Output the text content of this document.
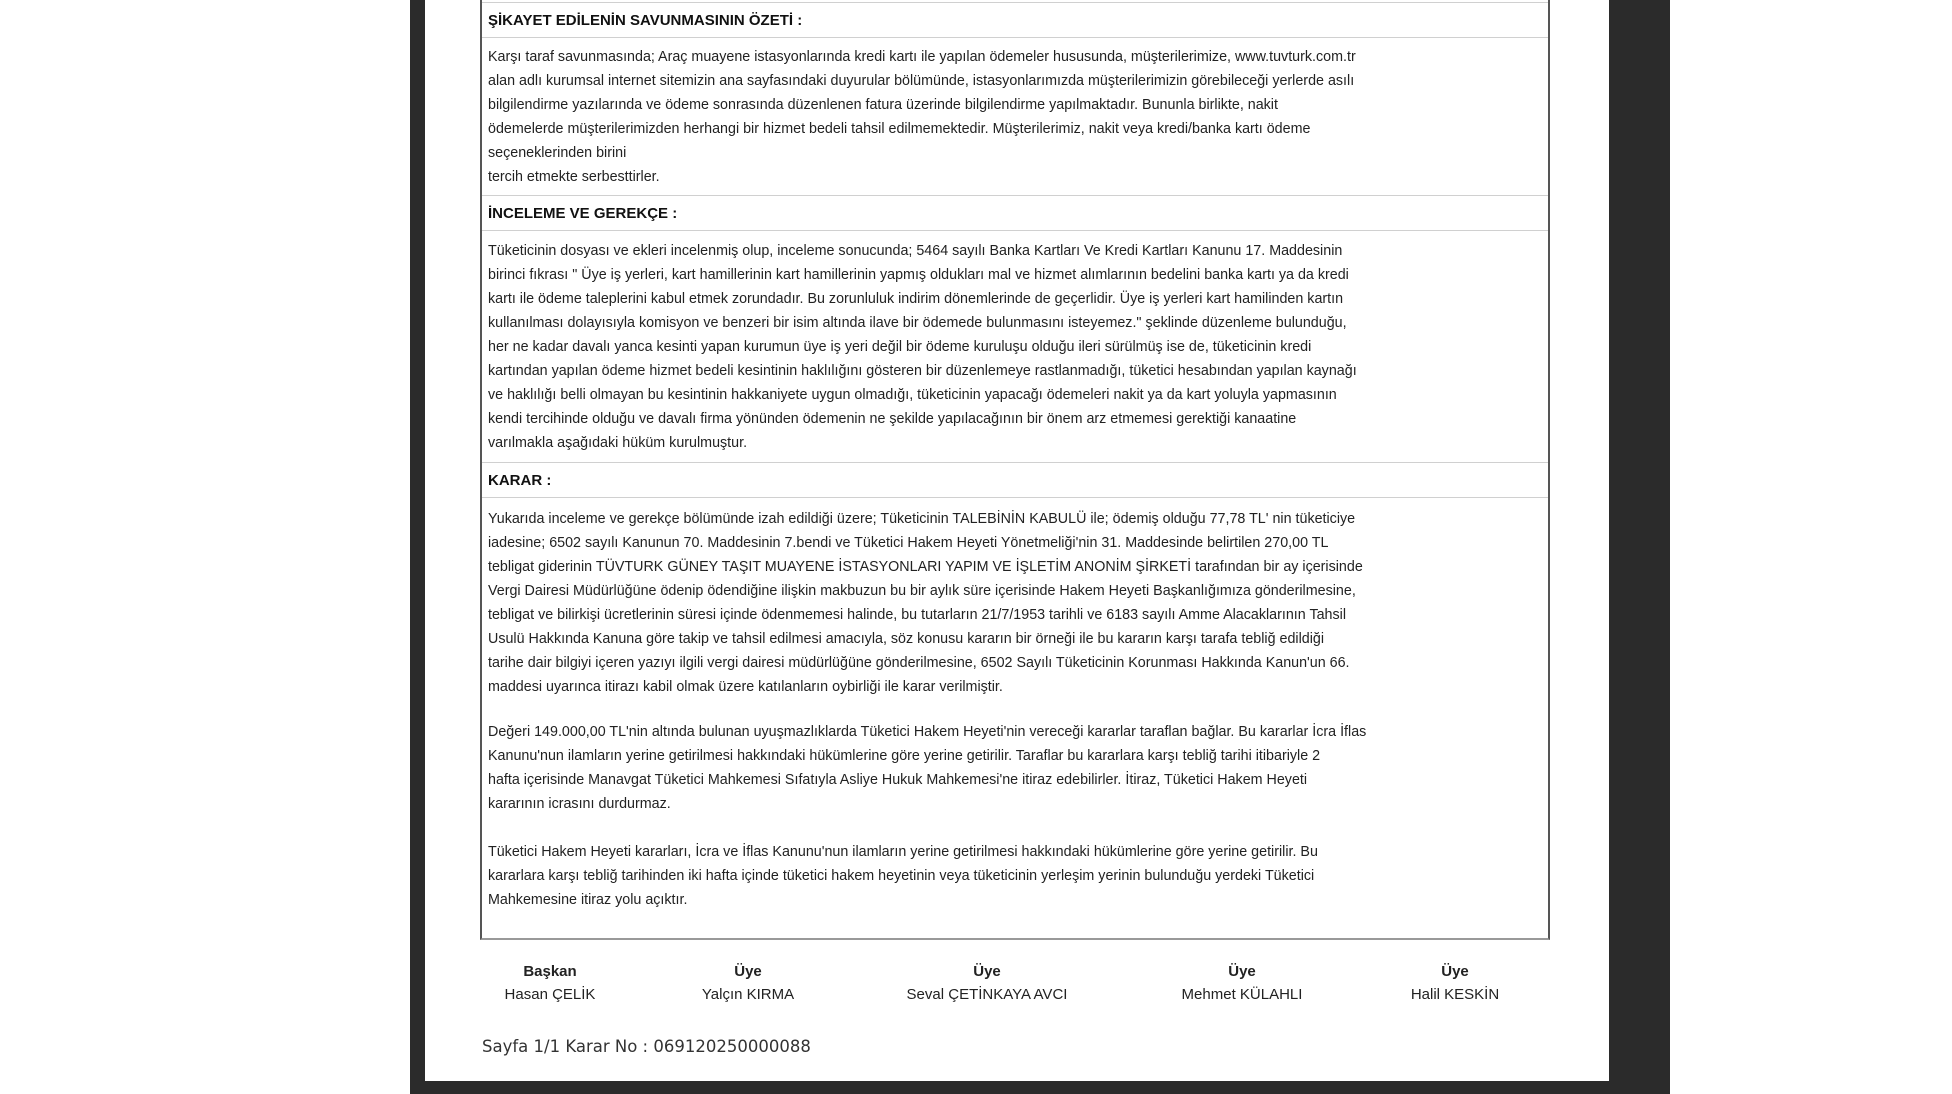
ŞİKAYET EDİLENİN SAVUNMASININ ÖZETİ :
Karşı taraf savunmasında; Araç muayene istasyonlarında kredi kartı ile yapılan ödemeler hususunda, müşterilerimize, www.tuvturk.com.tr
alan adlı kurumsal internet sitemizin ana sayfasındaki duyurular bölümünde, istasyonlarımızda müşterilerimizin görebileceği yerlerde asılı
bilgilendirme yazılarında ve ödeme sonrasında düzenlenen fatura üzerinde bilgilendirme yapılmaktadır. Bununla birlikte, nakit
ödemelerde müşterilerimizden herhangi bir hizmet bedeli tahsil edilmemektedir. Müşterilerimiz, nakit veya kredi/banka kartı ödeme
seçeneklerinden birini
tercih etmekte serbesttirler.
İNCELEME VE GEREKÇE :
Tüketicinin dosyası ve ekleri incelenmiş olup, inceleme sonucunda; 5464 sayılı Banka Kartları Ve Kredi Kartları Kanunu 17. Maddesinin
birinci fıkrası " Üye iş yerleri, kart hamillerinin kart hamillerinin yapmış oldukları mal ve hizmet alımlarının bedelini banka kartı ya da kredi
kartı ile ödeme taleplerini kabul etmek zorundadır. Bu zorunluluk indirim dönemlerinde de geçerlidir. Üye iş yerleri kart hamilinden kartın
kullanılması dolayısıyla komisyon ve benzeri bir isim altında ilave bir ödemede bulunmasını isteyemez." şeklinde düzenleme bulunduğu,
her ne kadar davalı yanca kesinti yapan kurumun üye iş yeri değil bir ödeme kuruluşu olduğu ileri sürülmüş ise de, tüketicinin kredi
kartından yapılan ödeme hizmet bedeli kesintinin haklılığını gösteren bir düzenlemeye rastlanmadığı, tüketici hesabından yapılan kaynağı
ve haklılığı belli olmayan bu kesintinin hakkaniyete uygun olmadığı, tüketicinin yapacağı ödemeleri nakit ya da kart yoluyla yapmasının
kendi tercihinde olduğu ve davalı firma yönünden ödemenin ne şekilde yapılacağının bir önem arz etmemesi gerektiği kanaatine
varılmakla aşağıdaki hüküm kurulmuştur.
KARAR :
Yukarıda inceleme ve gerekçe bölümünde izah edildiği üzere; Tüketicinin TALEBİNİN KABULÜ ile; ödemiş olduğu 77,78 TL' nin tüketiciye
iadesine; 6502 sayılı Kanunun 70. Maddesinin 7.bendi ve Tüketici Hakem Heyeti Yönetmeliği'nin 31. Maddesinde belirtilen 270,00 TL
tebligat giderinin TÜVTURK GÜNEY TAŞIT MUAYENE İSTASYONLARI YAPIM VE İŞLETİM ANONİM ŞİRKETİ tarafından bir ay içerisinde
Vergi Dairesi Müdürlüğüne ödenip ödendiğine ilişkin makbuzun bu bir aylık süre içerisinde Hakem Heyeti Başkanlığımıza gönderilmesine,
tebligat ve bilirkişi ücretlerinin süresi içinde ödenmemesi halinde, bu tutarların 21/7/1953 tarihli ve 6183 sayılı Amme Alacaklarının Tahsil
Usulü Hakkında Kanuna göre takip ve tahsil edilmesi amacıyla, söz konusu kararın bir örneği ile bu kararın karşı tarafa tebliğ edildiği
tarihe dair bilgiyi içeren yazıyı ilgili vergi dairesi müdürlüğüne gönderilmesine, 6502 Sayılı Tüketicinin Korunması Hakkında Kanun'un 66.
maddesi uyarınca itirazı kabil olmak üzere katılanların oybirliği ile karar verilmiştir.
Değeri 149.000,00 TL'nin altında bulunan uyuşmazlıklarda Tüketici Hakem Heyeti'nin vereceği kararlar taraflan bağlar. Bu kararlar İcra İflas
Kanunu'nun ilamların yerine getirilmesi hakkındaki hükümlerine göre yerine getirilir. Taraflar bu kararlara karşı tebliğ tarihi itibariyle 2
hafta içerisinde Manavgat Tüketici Mahkemesi Sıfatıyla Asliye Hukuk Mahkemesi'ne itiraz edebilirler. İtiraz, Tüketici Hakem Heyeti
kararının icrasını durdurmaz.
Tüketici Hakem Heyeti kararları, İcra ve İflas Kanunu'nun ilamların yerine getirilmesi hakkındaki hükümlerine göre yerine getirilir. Bu
kararlara karşı tebliğ tarihinden iki hafta içinde tüketici hakem heyetinin veya tüketicinin yerleşim yerinin bulunduğu yerdeki Tüketici
Mahkemesine itiraz yolu açıktır.
Başkan
Hasan ÇELİK
Üye
Yalçın KIRMA
Üye
Seval ÇETİNKAYA AVCI
Üye
Mehmet KÜLAHLI
Üye
Halil KESKİN
Sayfa 1/1 Karar No : 069120250000088
